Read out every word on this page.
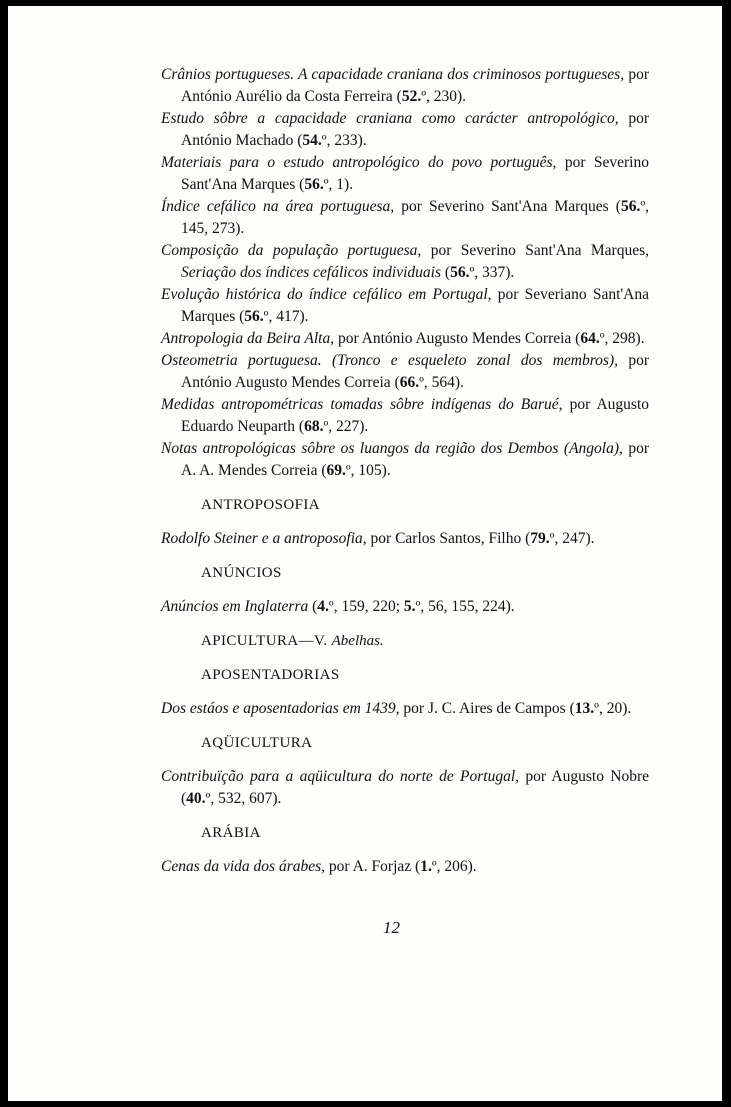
Crânios portugueses. A capacidade craniana dos criminosos portugueses, por António Aurélio da Costa Ferreira (52.º, 230).

Estudo sôbre a capacidade craniana como carácter antropológico, por António Machado (54.º, 233).

Materiais para o estudo antropológico do povo português, por Severino Sant'Ana Marques (56.º, 1).

Índice cefálico na área portuguesa, por Severino Sant'Ana Marques (56.º, 145, 273).

Composição da população portuguesa, por Severino Sant'Ana Marques, Seriação dos índices cefálicos individuais (56.º, 337).

Evolução histórica do índice cefálico em Portugal, por Severiano Sant'Ana Marques (56.º, 417).

Antropologia da Beira Alta, por António Augusto Mendes Correia (64.º, 298).

Osteometria portuguesa. (Tronco e esqueleto zonal dos membros), por António Augusto Mendes Correia (66.º, 564).

Medidas antropométricas tomadas sôbre indígenas do Barué, por Augusto Eduardo Neuparth (68.º, 227).

Notas antropológicas sôbre os luangos da região dos Dembos (Angola), por A. A. Mendes Correia (69.º, 105).

ANTROPOSOFIA

Rodolfo Steiner e a antroposofia, por Carlos Santos, Filho (79.º, 247).

ANÚNCIOS

Anúncios em Inglaterra (4.º, 159, 220; 5.º, 56, 155, 224).

APICULTURA—V. Abelhas.
APOSENTADORIAS

Dos estáos e aposentadorias em 1439, por J. C. Aires de Campos (13.º, 20).

AQÜICULTURA

Contribuïção para a aqüicultura do norte de Portugal, por Augusto Nobre (40.º, 532, 607).

ARÁBIA

Cenas da vida dos árabes, por A. Forjaz (1.º, 206).

12
